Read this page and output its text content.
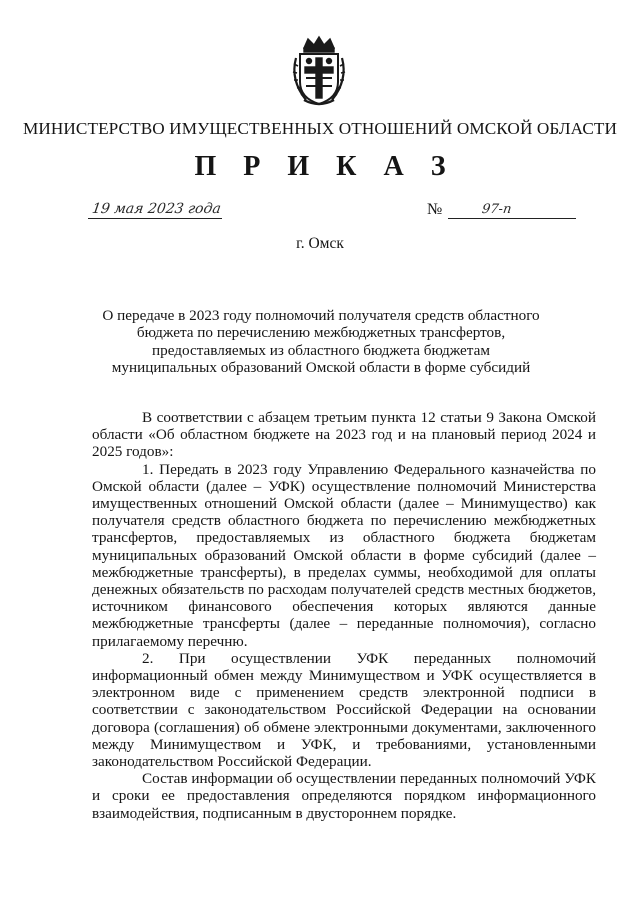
МИНИСТЕРСТВО ИМУЩЕСТВЕННЫХ ОТНОШЕНИЙ ОМСКОЙ ОБЛАСТИ
П Р И К А З
19 мая 2023 года	№	97-п
г. Омск
О передаче в 2023 году полномочий получателя средств областного бюджета по перечислению межбюджетных трансфертов, предоставляемых из областного бюджета бюджетам муниципальных образований Омской области в форме субсидий

В соответствии с абзацем третьим пункта 12 статьи 9 Закона Омской области «Об областном бюджете на 2023 год и на плановый период 2024 и 2025 годов»:

1. Передать в 2023 году Управлению Федерального казначейства по Омской области (далее – УФК) осуществление полномочий Министерства имущественных отношений Омской области (далее – Минимущество) как получателя средств областного бюджета по перечислению межбюджетных трансфертов, предоставляемых из областного бюджета бюджетам муниципальных образований Омской области в форме субсидий (далее – межбюджетные трансферты), в пределах суммы, необходимой для оплаты денежных обязательств по расходам получателей средств местных бюджетов, источником финансового обеспечения которых являются данные межбюджетные трансферты (далее – переданные полномочия), согласно прилагаемому перечню.

2. При осуществлении УФК переданных полномочий информационный обмен между Минимуществом и УФК осуществляется в электронном виде с применением средств электронной подписи в соответствии с законодательством Российской Федерации на основании договора (соглашения) об обмене электронными документами, заключенного между Минимуществом и УФК, и требованиями, установленными законодательством Российской Федерации.

Состав информации об осуществлении переданных полномочий УФК и сроки ее предоставления определяются порядком информационного взаимодействия, подписанным в двустороннем порядке.
